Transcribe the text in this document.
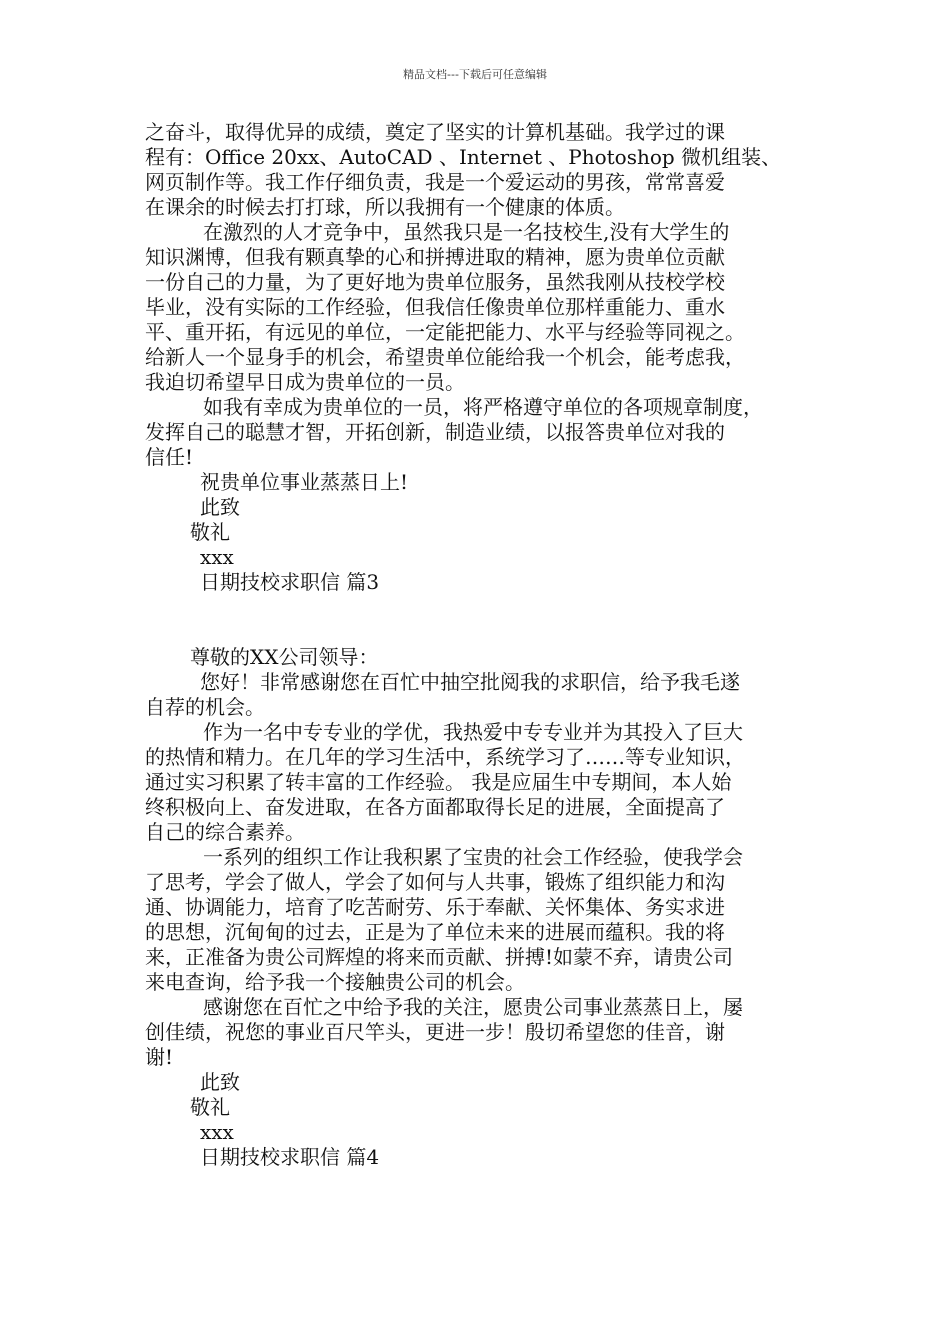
精品文档---下载后可任意编辑
之奋斗，取得优异的成绩，奠定了坚实的计算机基础。我学过的课
程有：Office 20xx、AutoCAD 、Internet 、Photoshop 微机组装、
网页制作等。我工作仔细负责，我是一个爱运动的男孩，常常喜爱
在课余的时候去打打球，所以我拥有一个健康的体质。
在激烈的人才竞争中，虽然我只是一名技校生,没有大学生的
知识渊博，但我有颗真挚的心和拼搏进取的精神，愿为贵单位贡献
一份自己的力量，为了更好地为贵单位服务，虽然我刚从技校学校
毕业，没有实际的工作经验，但我信任像贵单位那样重能力、重水
平、重开拓，有远见的单位，一定能把能力、水平与经验等同视之。
给新人一个显身手的机会，希望贵单位能给我一个机会，能考虑我，
我迫切希望早日成为贵单位的一员。
如我有幸成为贵单位的一员，将严格遵守单位的各项规章制度，
发挥自己的聪慧才智，开拓创新，制造业绩，以报答贵单位对我的
信任!
祝贵单位事业蒸蒸日上!
此致
敬礼
xxx
日期技校求职信 篇3
尊敬的XX公司领导：
您好！非常感谢您在百忙中抽空批阅我的求职信，给予我毛遂
自荐的机会。
作为一名中专专业的学优，我热爱中专专业并为其投入了巨大
的热情和精力。在几年的学习生活中，系统学习了……等专业知识，
通过实习积累了转丰富的工作经验。 我是应届生中专期间，本人始
终积极向上、奋发进取，在各方面都取得长足的进展，全面提高了
自己的综合素养。
一系列的组织工作让我积累了宝贵的社会工作经验，使我学会
了思考，学会了做人，学会了如何与人共事，锻炼了组织能力和沟
通、协调能力，培育了吃苦耐劳、乐于奉献、关怀集体、务实求进
的思想，沉甸甸的过去，正是为了单位未来的进展而蕴积。我的将
来，正准备为贵公司辉煌的将来而贡献、拼搏!如蒙不弃，请贵公司
来电查询，给予我一个接触贵公司的机会。
感谢您在百忙之中给予我的关注，愿贵公司事业蒸蒸日上，屡
创佳绩，祝您的事业百尺竿头，更进一步！殷切希望您的佳音，谢
谢!
此致
敬礼
xxx
日期技校求职信 篇4
